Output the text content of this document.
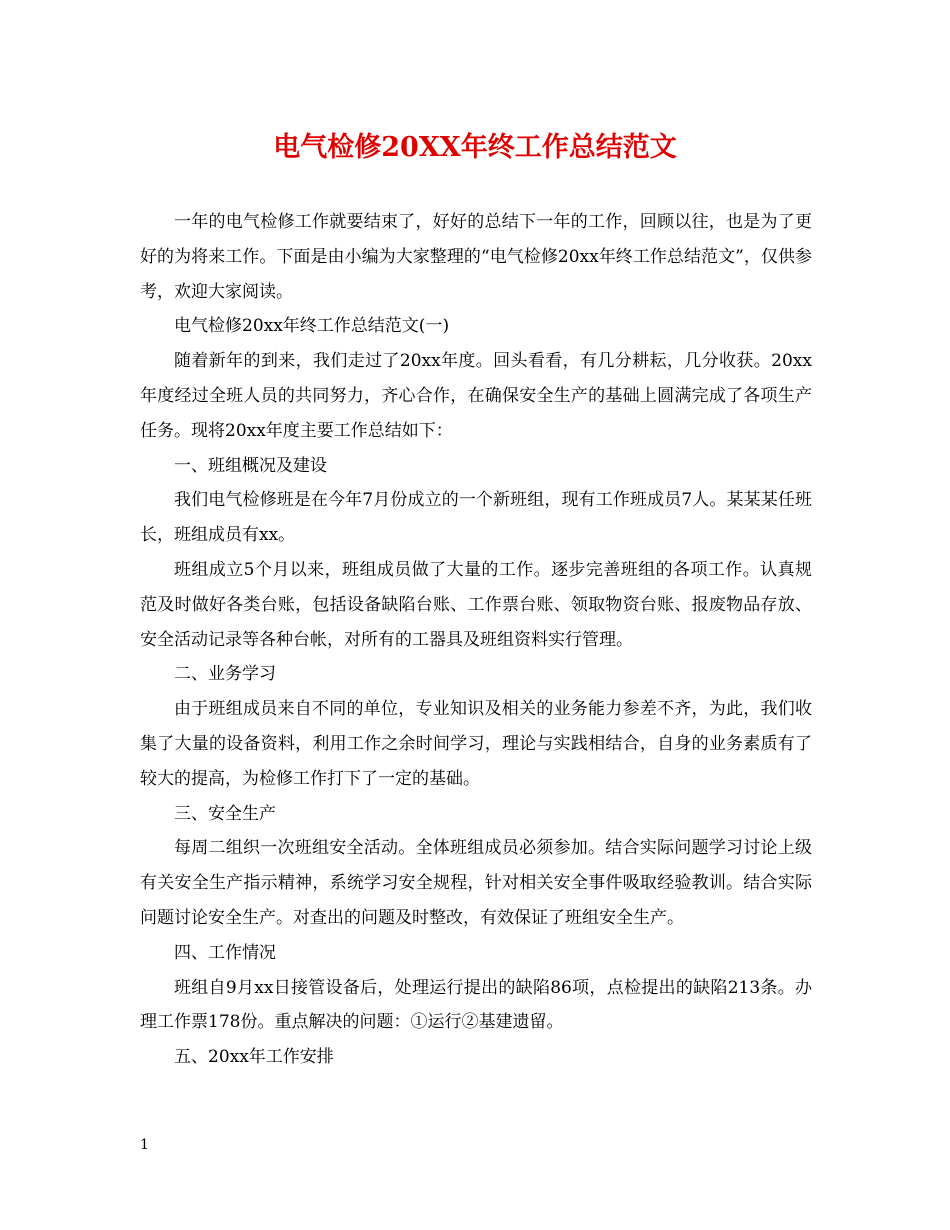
电气检修20XX年终工作总结范文

一年的电气检修工作就要结束了，好好的总结下一年的工作，回顾以往，也是为了更好的为将来工作。下面是由小编为大家整理的“电气检修20xx年终工作总结范文”，仅供参考，欢迎大家阅读。

电气检修20xx年终工作总结范文(一)

随着新年的到来，我们走过了20xx年度。回头看看，有几分耕耘，几分收获。20xx年度经过全班人员的共同努力，齐心合作，在确保安全生产的基础上圆满完成了各项生产任务。现将20xx年度主要工作总结如下：

一、班组概况及建设

我们电气检修班是在今年7月份成立的一个新班组，现有工作班成员7人。某某某任班长，班组成员有xx。

班组成立5个月以来，班组成员做了大量的工作。逐步完善班组的各项工作。认真规范及时做好各类台账，包括设备缺陷台账、工作票台账、领取物资台账、报废物品存放、安全活动记录等各种台帐，对所有的工器具及班组资料实行管理。

二、业务学习

由于班组成员来自不同的单位，专业知识及相关的业务能力参差不齐，为此，我们收集了大量的设备资料，利用工作之余时间学习，理论与实践相结合，自身的业务素质有了较大的提高，为检修工作打下了一定的基础。

三、安全生产

每周二组织一次班组安全活动。全体班组成员必须参加。结合实际问题学习讨论上级有关安全生产指示精神，系统学习安全规程，针对相关安全事件吸取经验教训。结合实际问题讨论安全生产。对查出的问题及时整改，有效保证了班组安全生产。

四、工作情况

班组自9月xx日接管设备后，处理运行提出的缺陷86项，点检提出的缺陷213条。办理工作票178份。重点解决的问题：①运行②基建遗留。

五、20xx年工作安排

1
